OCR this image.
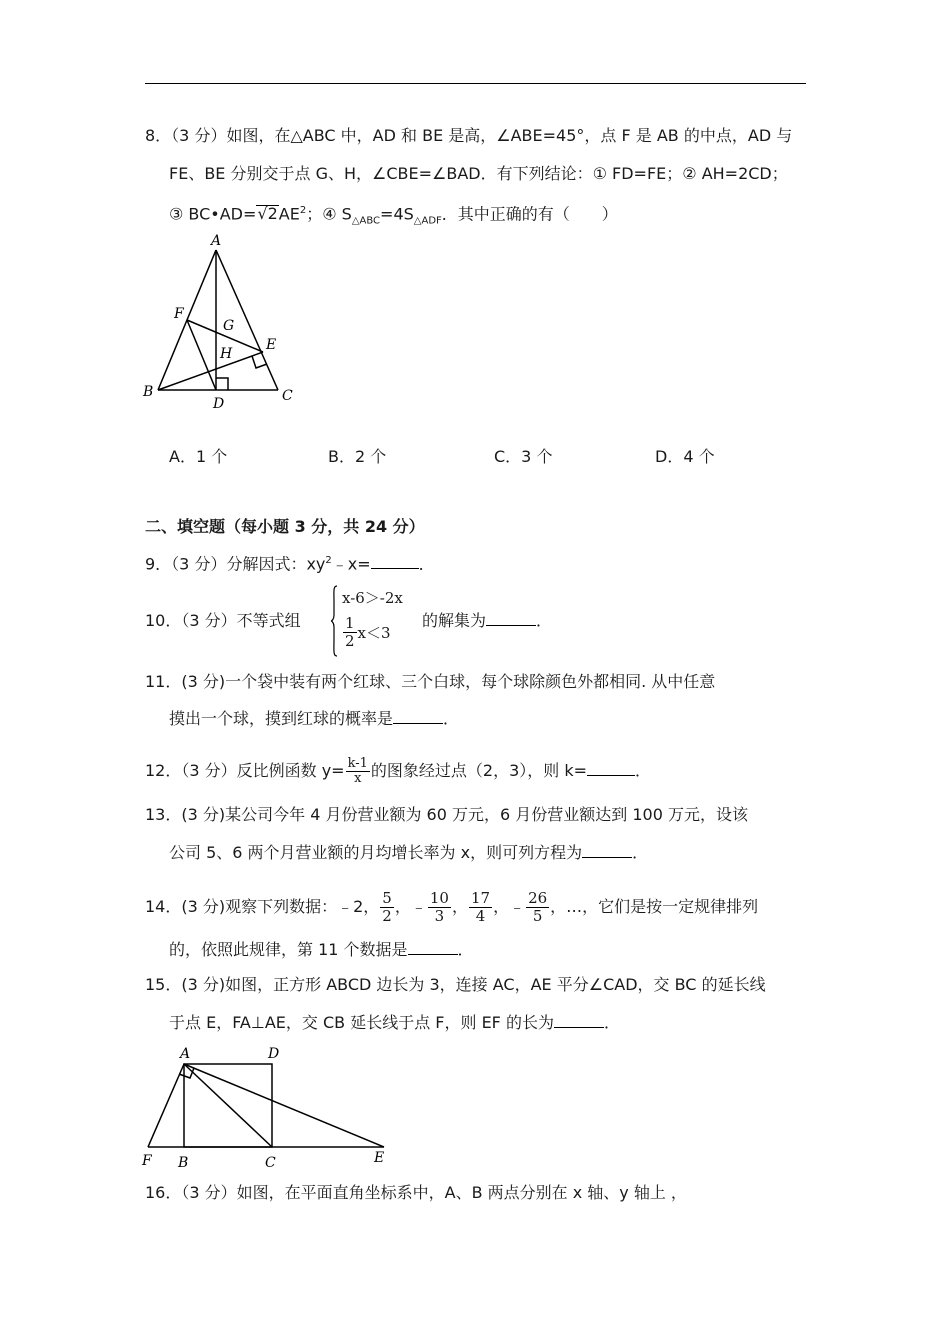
8．（3 分）如图，在△ABC 中，AD 和 BE 是高，∠ABE=45°，点 F 是 AB 的中点，AD 与
FE、BE 分别交于点 G、H，∠CBE=∠BAD．有下列结论：① FD=FE；② AH=2CD；
③ $BC•AD=√2AE^2$；④ $S_{\triangle ABC}=4S_{\triangle ADF}$．其中正确的有（　　）
A
F
G
H
E
B
D	C
A．1 个	B．2 个	C．3 个	D．4 个
二、填空题（每小题 3 分，共 24 分）
9．（3 分）分解因式：$xy^2﹣x=$	．
10．（3 分）不等式组
x-6＞-2x
$\frac{1}{2} x<3$
的解集为	．
11．(3 分)一个袋中装有两个红球、三个白球，每个球除颜色外都相同. 从中任意
摸出一个球，摸到红球的概率是	．
12．（3 分）反比例函数 $y= \frac{k-1}{x}$ 的图象经过点（2，3），则 k=	．
13．(3 分)某公司今年 4 月份营业额为 60 万元，6 月份营业额达到 100 万元，设该
公司 5、6 两个月营业额的月均增长率为 x，则可列方程为	．
14．(3 分)观察下列数据：﹣2， $\frac{5}{2}$ ，﹣ $\frac{10}{3}$ ， $\frac{17}{4}$ ，﹣ $\frac{26}{5}$ ，…，它们是按一定规律排列
的，依照此规律，第 11 个数据是	．
15．(3 分)如图，正方形 ABCD 边长为 3，连接 AC，AE 平分∠CAD，交 BC 的延长线
于点 E，FA⊥AE，交 CB 延长线于点 F，则 EF 的长为	．
A	D
F B	C	E
16．（3 分）如图，在平面直角坐标系中，A、B 两点分别在 x 轴、y 轴上 ，
